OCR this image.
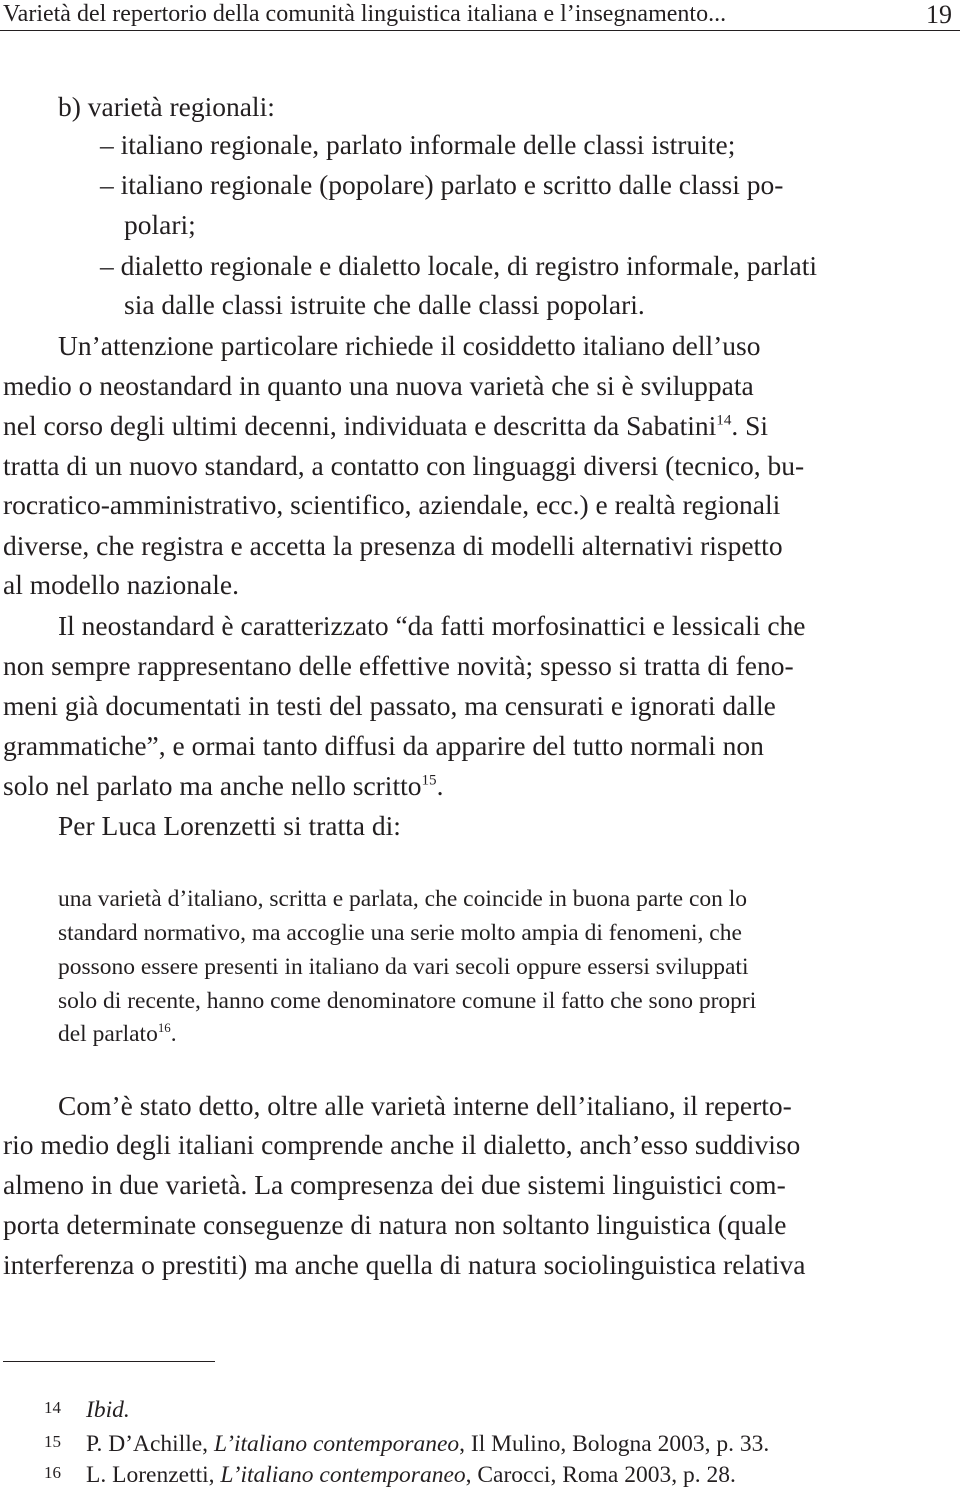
Varietà del repertorio della comunità linguistica italiana e l’insegnamento...	19
b) varietà regionali:
– italiano regionale, parlato informale delle classi istruite;
– italiano regionale (popolare) parlato e scritto dalle classi po-
polari;
– dialetto regionale e dialetto locale, di registro informale, parlati
sia dalle classi istruite che dalle classi popolari.
Un’attenzione particolare richiede il cosiddetto italiano dell’uso
medio o neostandard in quanto una nuova varietà che si è sviluppata
nel corso degli ultimi decenni, individuata e descritta da Sabatini$^{14}$. Si
tratta di un nuovo standard, a contatto con linguaggi diversi (tecnico, bu-
rocratico-amministrativo, scientifico, aziendale, ecc.) e realtà regionali
diverse, che registra e accetta la presenza di modelli alternativi rispetto
al modello nazionale.
Il neostandard è caratterizzato “da fatti morfosinattici e lessicali che
non sempre rappresentano delle effettive novità; spesso si tratta di feno-
meni già documentati in testi del passato, ma censurati e ignorati dalle
grammatiche”, e ormai tanto diffusi da apparire del tutto normali non
solo nel parlato ma anche nello scritto$^{15}$.
Per Luca Lorenzetti si tratta di:
una varietà d’italiano, scritta e parlata, che coincide in buona parte con lo
standard normativo, ma accoglie una serie molto ampia di fenomeni, che
possono essere presenti in italiano da vari secoli oppure essersi sviluppati
solo di recente, hanno come denominatore comune il fatto che sono propri
del parlato$^{16}$.
Com’è stato detto, oltre alle varietà interne dell’italiano, il reperto-
rio medio degli italiani comprende anche il dialetto, anch’esso suddiviso
almeno in due varietà. La compresenza dei due sistemi linguistici com-
porta determinate conseguenze di natura non soltanto linguistica (quale
interferenza o prestiti) ma anche quella di natura sociolinguistica relativa
14 Ibid.
15 P. D’Achille, L’italiano contemporaneo, Il Mulino, Bologna 2003, p. 33.
16 L. Lorenzetti, L’italiano contemporaneo, Carocci, Roma 2003, p. 28.
